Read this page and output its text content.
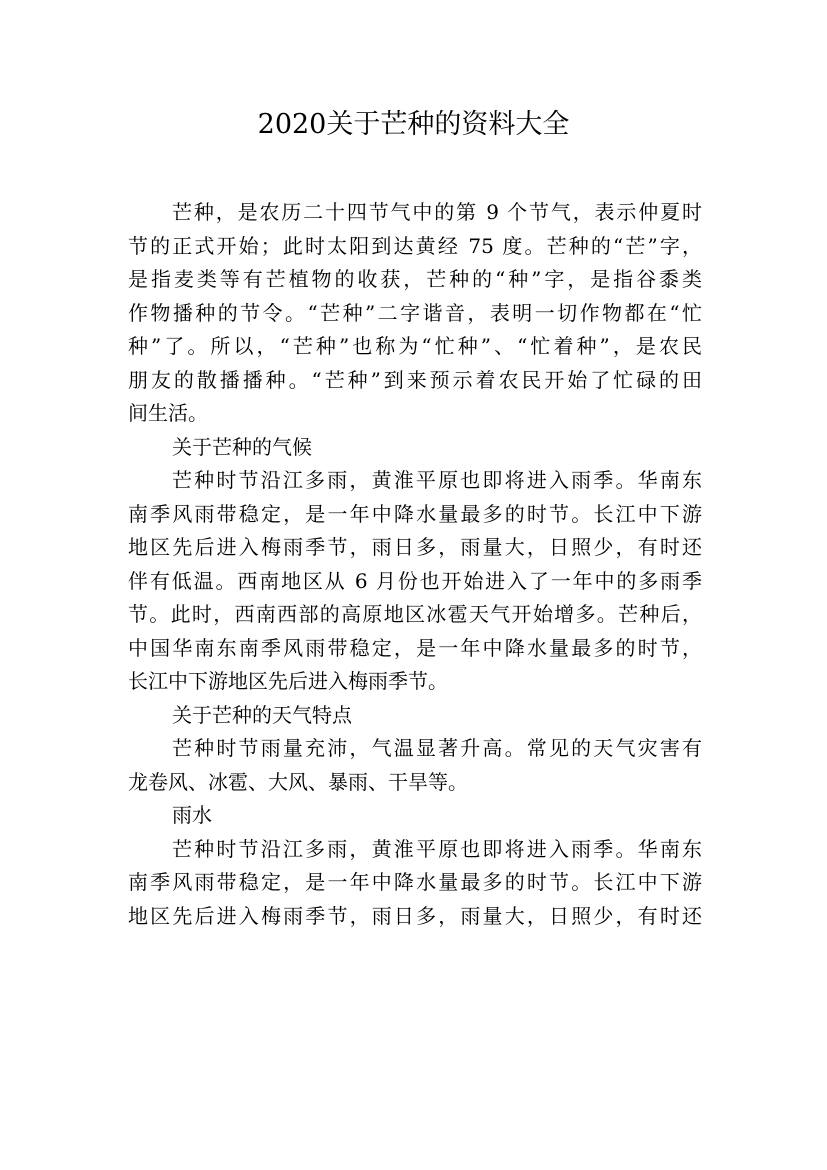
2020关于芒种的资料大全
芒种，是农历二十四节气中的第 9 个节气，表示仲夏时
节的正式开始；此时太阳到达黄经 75 度。芒种的“芒”字，
是指麦类等有芒植物的收获，芒种的“种”字，是指谷黍类
作物播种的节令。“芒种”二字谐音，表明一切作物都在“忙
种”了。所以，“芒种”也称为“忙种”、“忙着种”，是农民
朋友的散播播种。“芒种”到来预示着农民开始了忙碌的田
间生活。
关于芒种的气候
芒种时节沿江多雨，黄淮平原也即将进入雨季。华南东
南季风雨带稳定，是一年中降水量最多的时节。长江中下游
地区先后进入梅雨季节，雨日多，雨量大，日照少，有时还
伴有低温。西南地区从 6 月份也开始进入了一年中的多雨季
节。此时，西南西部的高原地区冰雹天气开始增多。芒种后，
中国华南东南季风雨带稳定，是一年中降水量最多的时节，
长江中下游地区先后进入梅雨季节。
关于芒种的天气特点
芒种时节雨量充沛，气温显著升高。常见的天气灾害有
龙卷风、冰雹、大风、暴雨、干旱等。
雨水
芒种时节沿江多雨，黄淮平原也即将进入雨季。华南东
南季风雨带稳定，是一年中降水量最多的时节。长江中下游
地区先后进入梅雨季节，雨日多，雨量大，日照少，有时还
